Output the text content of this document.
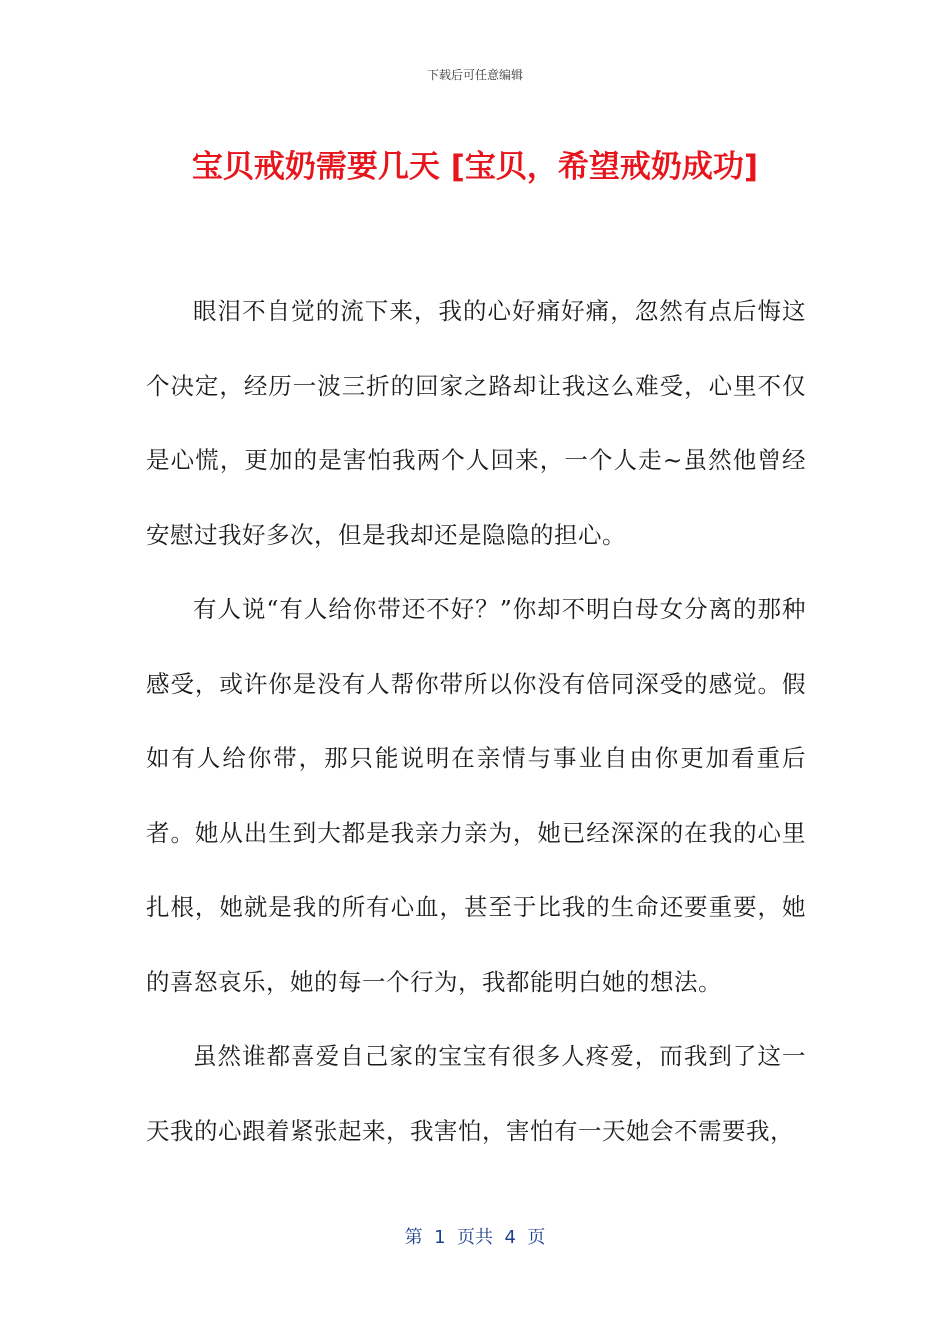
下载后可任意编辑
宝贝戒奶需要几天 [宝贝，希望戒奶成功]

眼泪不自觉的流下来，我的心好痛好痛，忽然有点后悔这个决定，经历一波三折的回家之路却让我这么难受，心里不仅是心慌，更加的是害怕我两个人回来，一个人走~虽然他曾经安慰过我好多次，但是我却还是隐隐的担心。

有人说“有人给你带还不好？”你却不明白母女分离的那种感受，或许你是没有人帮你带所以你没有倍同深受的感觉。假如有人给你带，那只能说明在亲情与事业自由你更加看重后者。她从出生到大都是我亲力亲为，她已经深深的在我的心里扎根，她就是我的所有心血，甚至于比我的生命还要重要，她的喜怒哀乐，她的每一个行为，我都能明白她的想法。

虽然谁都喜爱自己家的宝宝有很多人疼爱，而我到了这一天我的心跟着紧张起来，我害怕，害怕有一天她会不需要我，

第  1  页共  4  页
